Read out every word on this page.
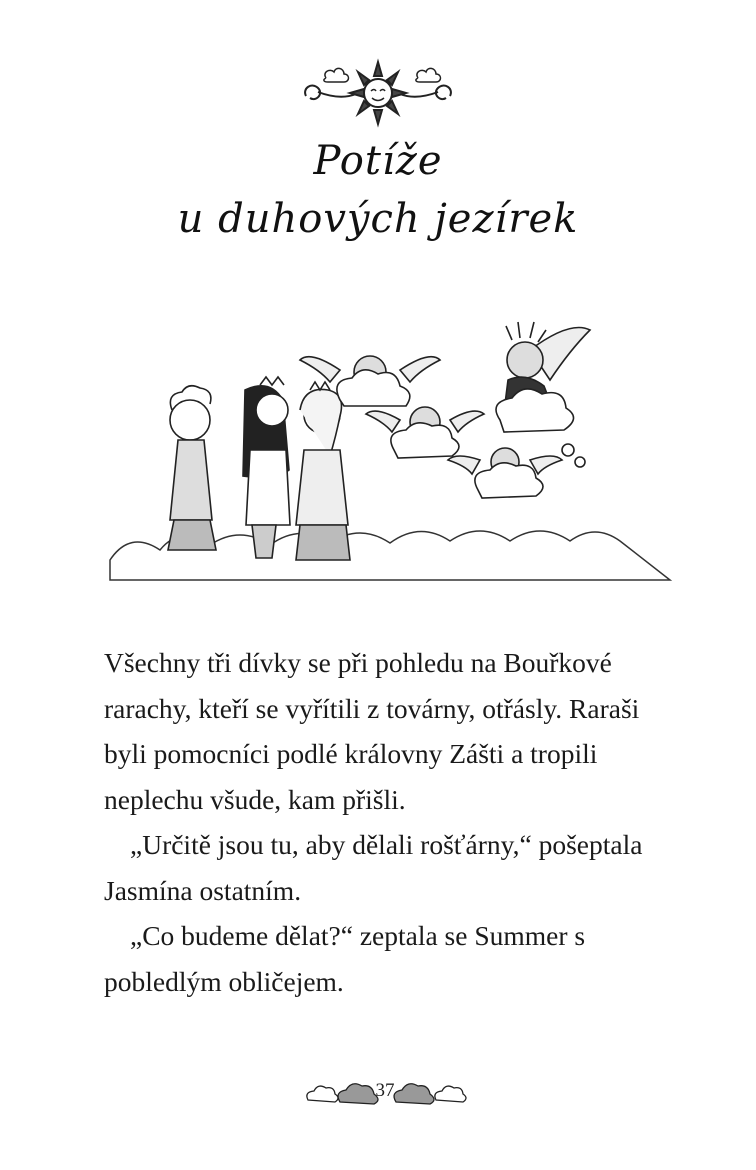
Potíže
u duhových jezírek

Všechny tři dívky se při pohledu na Bouřkové rarachy, kteří se vyřítili z továrny, otřásly. Raraši byli pomocníci podlé královny Zášti a tropili neplechu všude, kam přišli.

„Určitě jsou tu, aby dělali rošťárny,“ pošeptala Jasmína ostatním.

„Co budeme dělat?“ zeptala se Summer s pobledlým obličejem.

37
